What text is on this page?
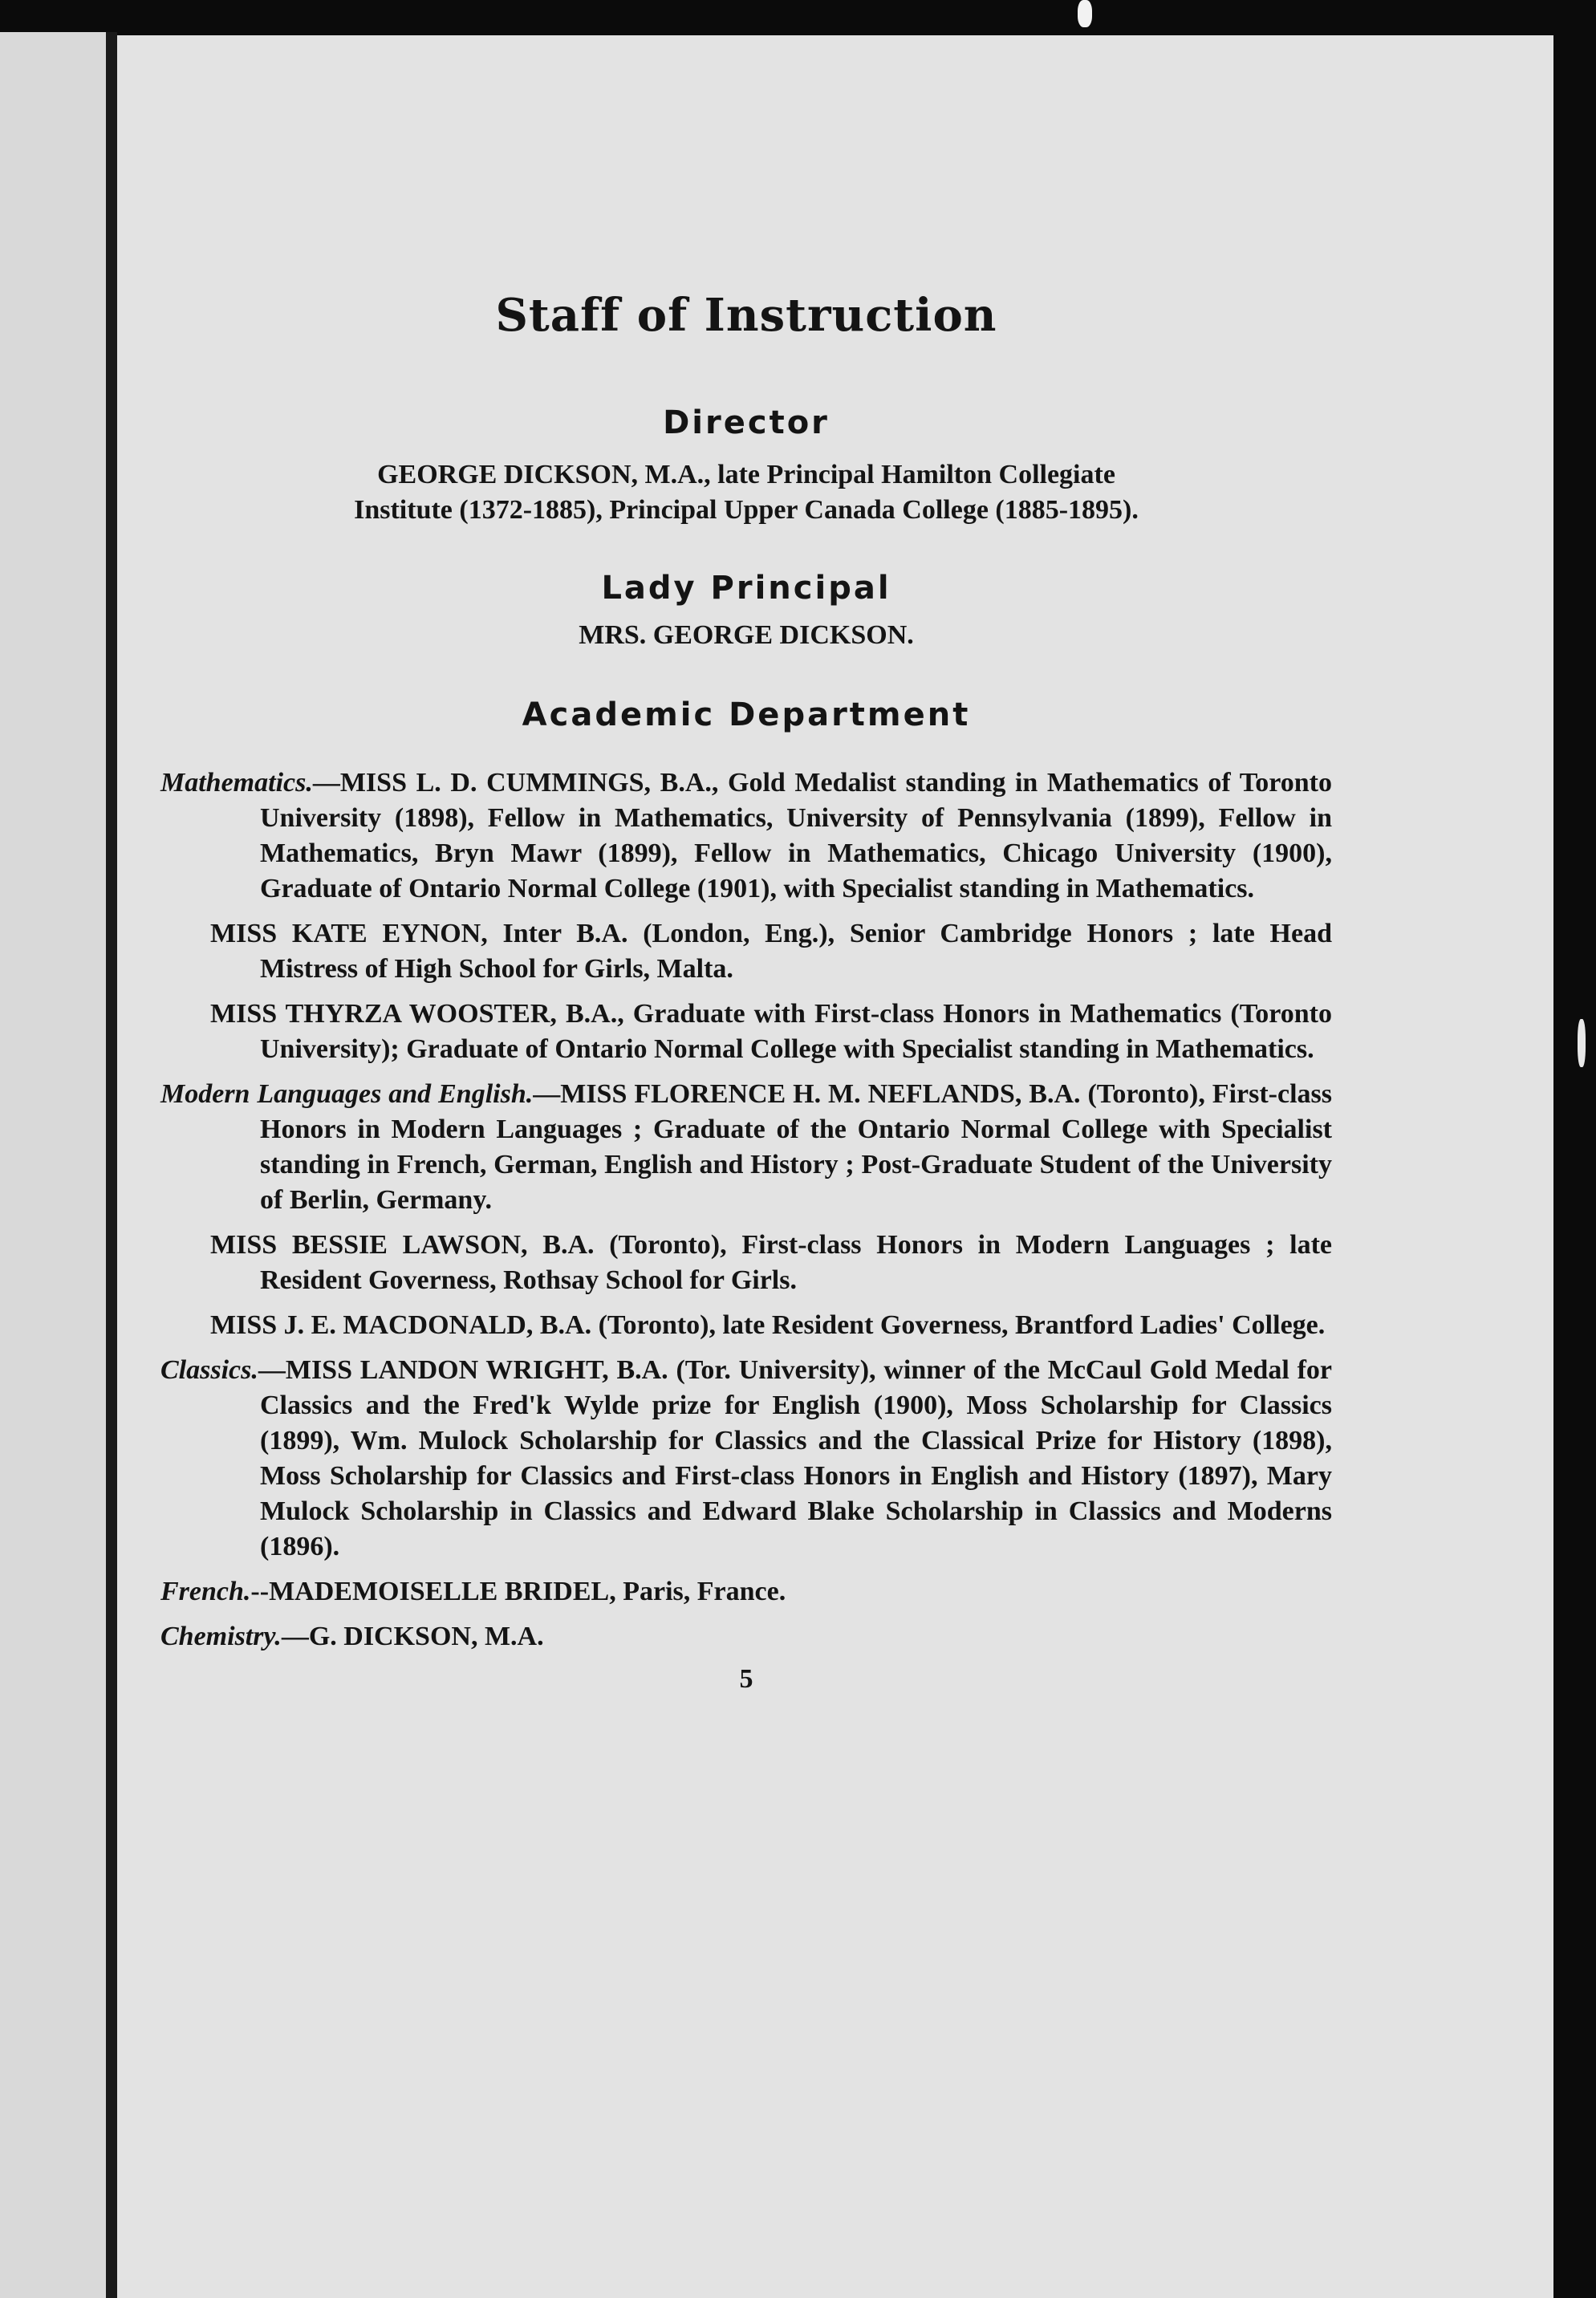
Staff of Instruction
Director
GEORGE DICKSON, M.A., late Principal Hamilton Collegiate
Institute (1372-1885), Principal Upper Canada College (1885-1895).
Lady Principal
MRS. GEORGE DICKSON.
Academic Department
Mathematics.—MISS L. D. CUMMINGS, B.A., Gold Medalist standing in Mathematics of Toronto University (1898), Fellow in Mathematics, University of Pennsylvania (1899), Fellow in Mathematics, Bryn Mawr (1899), Fellow in Mathematics, Chicago University (1900), Graduate of Ontario Normal College (1901), with Specialist standing in Mathematics.
MISS KATE EYNON, Inter B.A. (London, Eng.), Senior Cambridge Honors ; late Head Mistress of High School for Girls, Malta.
MISS THYRZA WOOSTER, B.A., Graduate with First-class Honors in Mathematics (Toronto University); Graduate of Ontario Normal College with Specialist standing in Mathematics.
Modern Languages and English.—MISS FLORENCE H. M. NEFLANDS, B.A. (Toronto), First-class Honors in Modern Languages ; Graduate of the Ontario Normal College with Specialist standing in French, German, English and History ; Post-Graduate Student of the University of Berlin, Germany.
MISS BESSIE LAWSON, B.A. (Toronto), First-class Honors in Modern Languages ; late Resident Governess, Rothsay School for Girls.
MISS J. E. MACDONALD, B.A. (Toronto), late Resident Governess, Brantford Ladies' College.
Classics.—MISS LANDON WRIGHT, B.A. (Tor. University), winner of the McCaul Gold Medal for Classics and the Fred'k Wylde prize for English (1900), Moss Scholarship for Classics (1899), Wm. Mulock Scholarship for Classics and the Classical Prize for History (1898), Moss Scholarship for Classics and First-class Honors in English and History (1897), Mary Mulock Scholarship in Classics and Edward Blake Scholarship in Classics and Moderns (1896).
French.--MADEMOISELLE BRIDEL, Paris, France.
Chemistry.—G. DICKSON, M.A.
5
